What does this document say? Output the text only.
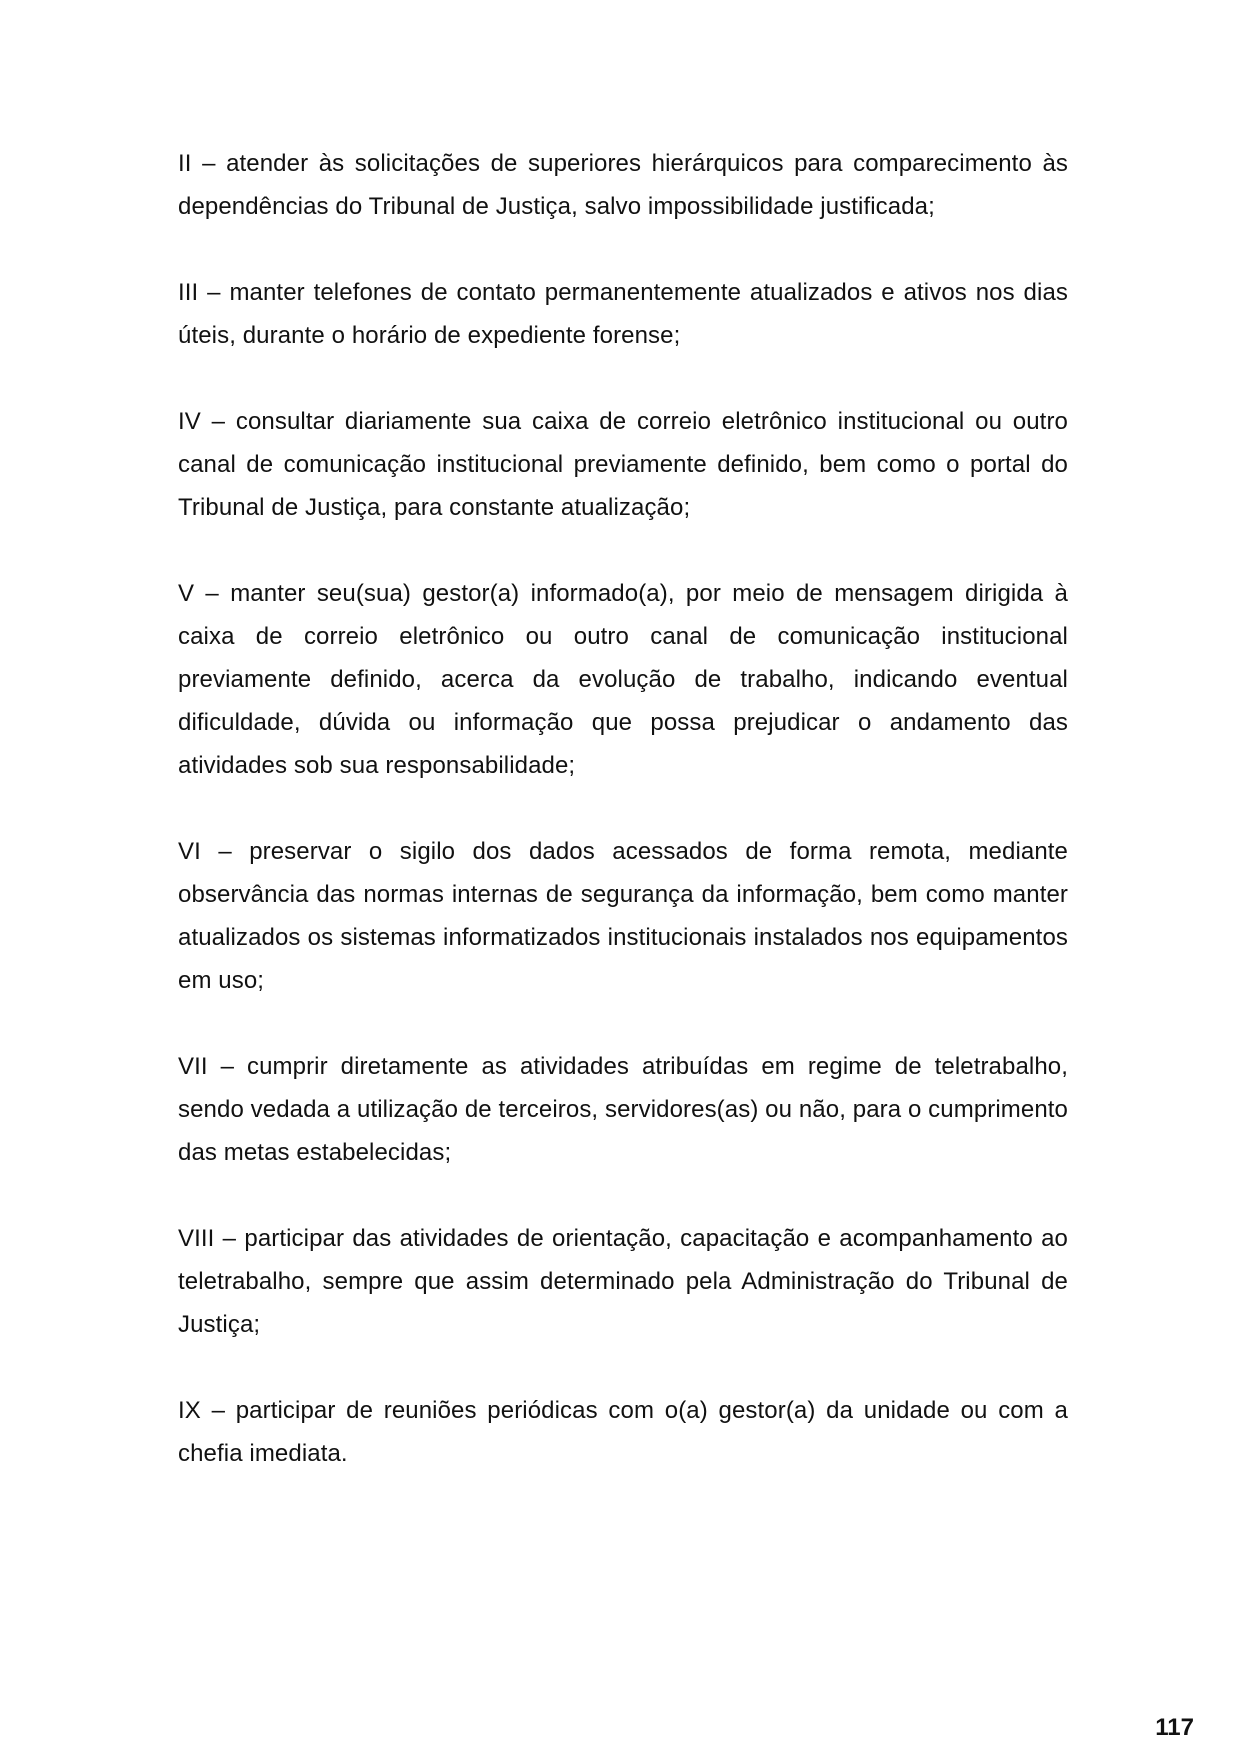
II – atender às solicitações de superiores hierárquicos para comparecimento às dependências do Tribunal de Justiça, salvo impossibilidade justificada;

III – manter telefones de contato permanentemente atualizados e ativos nos dias úteis, durante o horário de expediente forense;

IV – consultar diariamente sua caixa de correio eletrônico institucional ou outro canal de comunicação institucional previamente definido, bem como o portal do Tribunal de Justiça, para constante atualização;

V – manter seu(sua) gestor(a) informado(a), por meio de mensagem dirigida à caixa de correio eletrônico ou outro canal de comunicação institucional previamente definido, acerca da evolução de trabalho, indicando eventual dificuldade, dúvida ou informação que possa prejudicar o andamento das atividades sob sua responsabilidade;

VI – preservar o sigilo dos dados acessados de forma remota, mediante observância das normas internas de segurança da informação, bem como manter atualizados os sistemas informatizados institucionais instalados nos equipamentos em uso;

VII – cumprir diretamente as atividades atribuídas em regime de teletrabalho, sendo vedada a utilização de terceiros, servidores(as) ou não, para o cumprimento das metas estabelecidas;

VIII – participar das atividades de orientação, capacitação e acompanhamento ao teletrabalho, sempre que assim determinado pela Administração do Tribunal de Justiça;

IX – participar de reuniões periódicas com o(a) gestor(a) da unidade ou com a chefia imediata.

117
